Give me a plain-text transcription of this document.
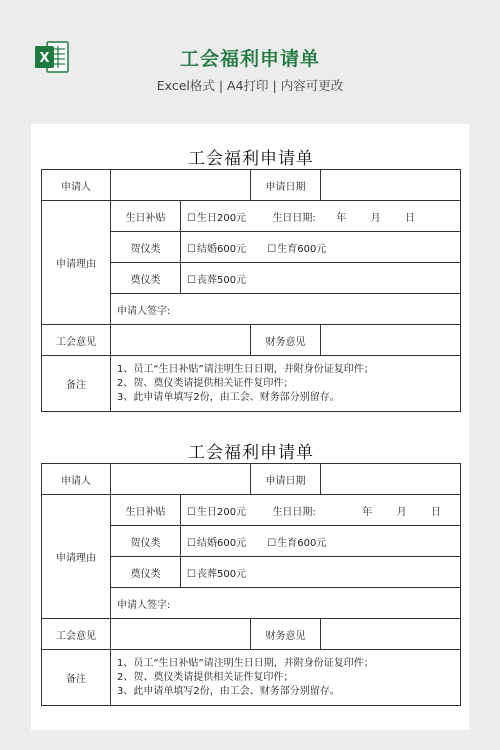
X	工会福利申请单
Excel格式 | A4打印 | 内容可更改
工会福利申请单
申请人			申请日期	
申请理由	生日补贴	☐ 生日200元 生日日期: 年 月 日
	贺仪类	☐ 结婚600元 ☐ 生育600元
	奠仪类	☐ 丧葬500元
	申请人签字:			
工会意见			财务意见	
备注	1、员工“生日补贴”请注明生日日期，并附身份证复印件；
2、贺、奠仪类请提供相关证件复印件；
3、此申请单填写2份，由工会、财务部分别留存。			
工会福利申请单
申请人			申请日期	
申请理由	生日补贴	☐ 生日200元 生日日期: 年 月 日
	贺仪类	☐ 结婚600元 ☐ 生育600元
	奠仪类	☐ 丧葬500元
	申请人签字:			
工会意见			财务意见	
备注	1、员工“生日补贴”请注明生日日期，并附身份证复印件；
2、贺、奠仪类请提供相关证件复印件；
3、此申请单填写2份，由工会、财务部分别留存。			
